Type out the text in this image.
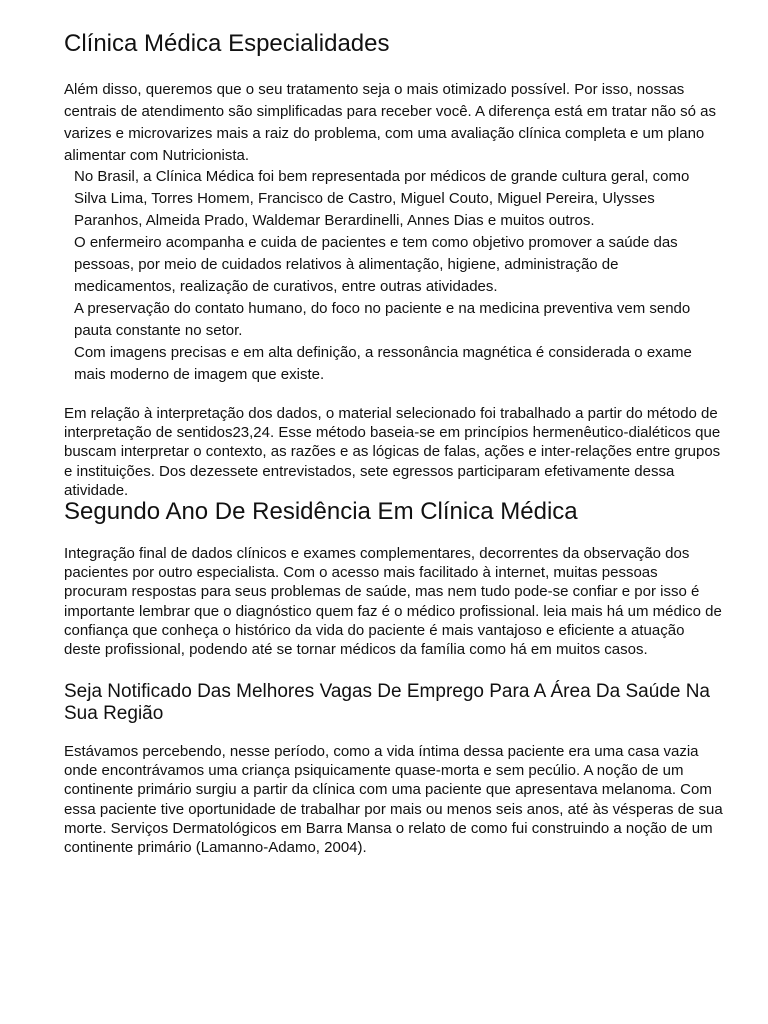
Clínica Médica Especialidades

Além disso, queremos que o seu tratamento seja o mais otimizado possível. Por isso, nossas centrais de atendimento são simplificadas para receber você. A diferença está em tratar não só as varizes e microvarizes mais a raiz do problema, com uma avaliação clínica completa e um plano alimentar com Nutricionista.

No Brasil, a Clínica Médica foi bem representada por médicos de grande cultura geral, como Silva Lima, Torres Homem, Francisco de Castro, Miguel Couto, Miguel Pereira, Ulysses Paranhos, Almeida Prado, Waldemar Berardinelli, Annes Dias e muitos outros.

O enfermeiro acompanha e cuida de pacientes e tem como objetivo promover a saúde das pessoas, por meio de cuidados relativos à alimentação, higiene, administração de medicamentos, realização de curativos, entre outras atividades.

A preservação do contato humano, do foco no paciente e na medicina preventiva vem sendo pauta constante no setor.

Com imagens precisas e em alta definição, a ressonância magnética é considerada o exame mais moderno de imagem que existe.

Em relação à interpretação dos dados, o material selecionado foi trabalhado a partir do método de interpretação de sentidos23,24. Esse método baseia-se em princípios hermenêutico-dialéticos que buscam interpretar o contexto, as razões e as lógicas de falas, ações e inter-relações entre grupos e instituições. Dos dezessete entrevistados, sete egressos participaram efetivamente dessa atividade.

Segundo Ano De Residência Em Clínica Médica

Integração final de dados clínicos e exames complementares, decorrentes da observação dos pacientes por outro especialista. Com o acesso mais facilitado à internet, muitas pessoas procuram respostas para seus problemas de saúde, mas nem tudo pode-se confiar e por isso é importante lembrar que o diagnóstico quem faz é o médico profissional. leia mais há um médico de confiança que conheça o histórico da vida do paciente é mais vantajoso e eficiente a atuação deste profissional, podendo até se tornar médicos da família como há em muitos casos.

Seja Notificado Das Melhores Vagas De Emprego Para A Área Da Saúde Na Sua Região

Estávamos percebendo, nesse período, como a vida íntima dessa paciente era uma casa vazia onde encontrávamos uma criança psiquicamente quase-morta e sem pecúlio. A noção de um continente primário surgiu a partir da clínica com uma paciente que apresentava melanoma. Com essa paciente tive oportunidade de trabalhar por mais ou menos seis anos, até às vésperas de sua morte. Serviços Dermatológicos em Barra Mansa o relato de como fui construindo a noção de um continente primário (Lamanno-Adamo, 2004).
